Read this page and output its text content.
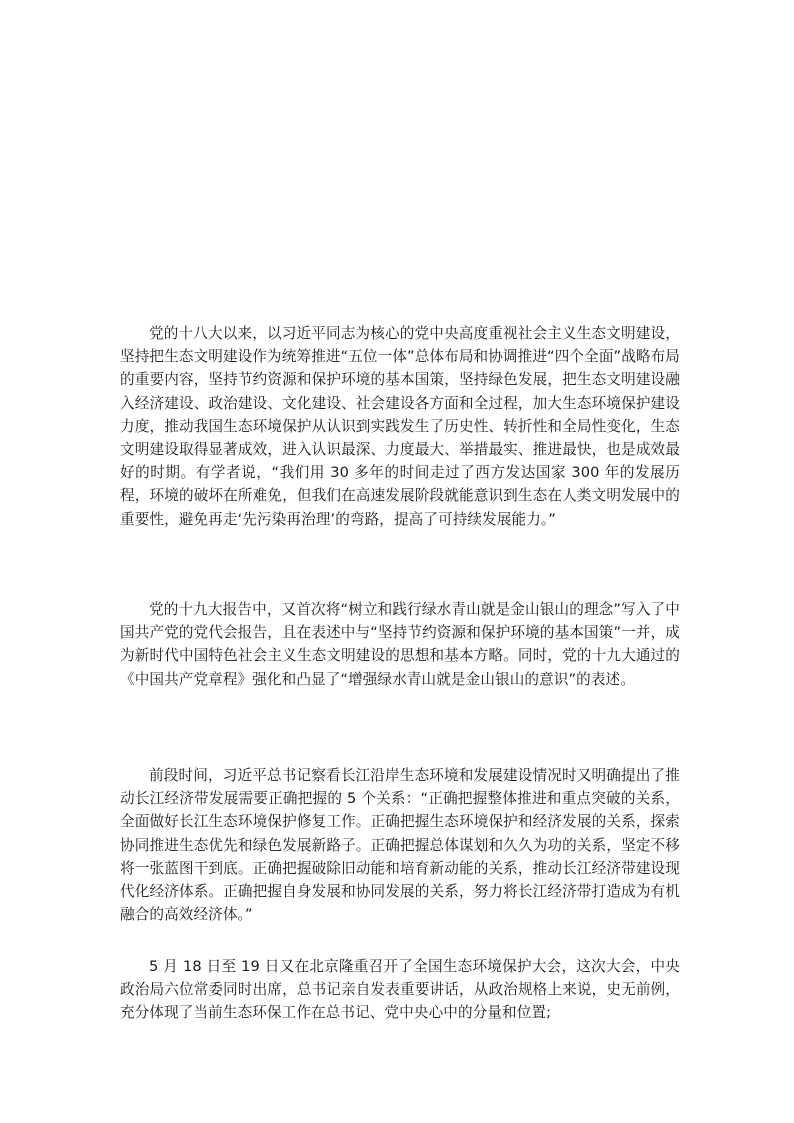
党的十八大以来，以习近平同志为核心的党中央高度重视社会主义生态文明建设，坚持把生态文明建设作为统筹推进“五位一体”总体布局和协调推进“四个全面”战略布局的重要内容，坚持节约资源和保护环境的基本国策，坚持绿色发展，把生态文明建设融入经济建设、政治建设、文化建设、社会建设各方面和全过程，加大生态环境保护建设力度，推动我国生态环境保护从认识到实践发生了历史性、转折性和全局性变化，生态文明建设取得显著成效，进入认识最深、力度最大、举措最实、推进最快，也是成效最好的时期。有学者说，“我们用 30 多年的时间走过了西方发达国家 300 年的发展历程，环境的破坏在所难免，但我们在高速发展阶段就能意识到生态在人类文明发展中的重要性，避免再走‘先污染再治理’的弯路，提高了可持续发展能力。”

党的十九大报告中，又首次将“树立和践行绿水青山就是金山银山的理念”写入了中国共产党的党代会报告，且在表述中与“坚持节约资源和保护环境的基本国策”一并，成为新时代中国特色社会主义生态文明建设的思想和基本方略。同时，党的十九大通过的《中国共产党章程》强化和凸显了“增强绿水青山就是金山银山的意识”的表述。

前段时间，习近平总书记察看长江沿岸生态环境和发展建设情况时又明确提出了推动长江经济带发展需要正确把握的 5 个关系：“正确把握整体推进和重点突破的关系，全面做好长江生态环境保护修复工作。正确把握生态环境保护和经济发展的关系，探索协同推进生态优先和绿色发展新路子。正确把握总体谋划和久久为功的关系，坚定不移将一张蓝图干到底。正确把握破除旧动能和培育新动能的关系，推动长江经济带建设现代化经济体系。正确把握自身发展和协同发展的关系，努力将长江经济带打造成为有机融合的高效经济体。”

5 月 18 日至 19 日又在北京隆重召开了全国生态环境保护大会，这次大会，中央政治局六位常委同时出席，总书记亲自发表重要讲话，从政治规格上来说，史无前例，充分体现了当前生态环保工作在总书记、党中央心中的分量和位置;
